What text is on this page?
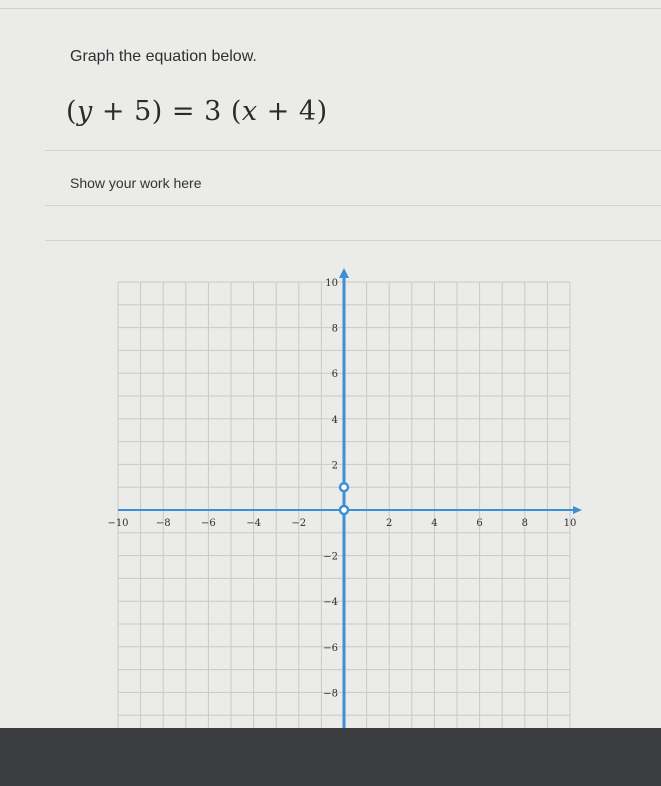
Graph the equation below.
(y + 5) = 3 (x + 4)
Show your work here
−10	−8	−6	−4	−2	2	4	6	8	10
10
8
6
4
2
−2
−4
−6
−8
